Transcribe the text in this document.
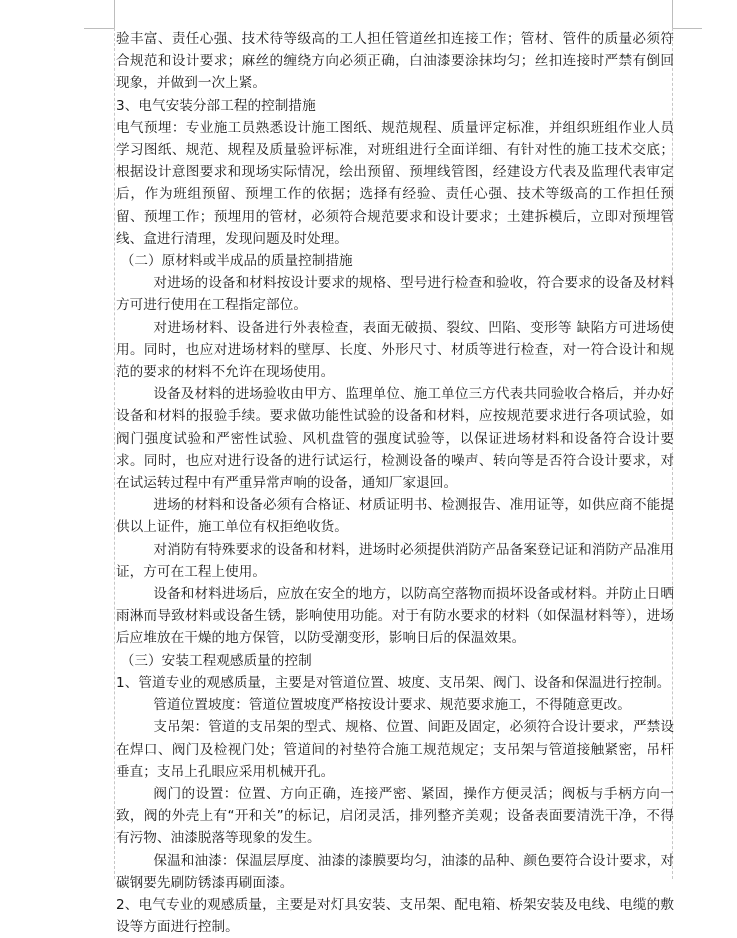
验丰富、责任心强、技术待等级高的工人担任管道丝扣连接工作；管材、管件的质量必须符合规范和设计要求；麻丝的缠绕方向必须正确，白油漆要涂抹均匀；丝扣连接时严禁有倒回现象，并做到一次上紧。

3、电气安装分部工程的控制措施

电气预埋：专业施工员熟悉设计施工图纸、规范规程、质量评定标准，并组织班组作业人员学习图纸、规范、规程及质量验评标准，对班组进行全面详细、有针对性的施工技术交底；根据设计意图要求和现场实际情况，绘出预留、预埋线管图，经建设方代表及监理代表审定后，作为班组预留、预埋工作的依据；选择有经验、责任心强、技术等级高的工作担任预留、预埋工作；预埋用的管材，必须符合规范要求和设计要求；土建拆模后，立即对预埋管线、盒进行清理，发现问题及时处理。

（二）原材料或半成品的质量控制措施

对进场的设备和材料按设计要求的规格、型号进行检查和验收，符合要求的设备及材料方可进行使用在工程指定部位。

对进场材料、设备进行外表检查，表面无破损、裂纹、凹陷、变形等 缺陷方可进场使用。同时，也应对进场材料的壁厚、长度、外形尺寸、材质等进行检查，对一符合设计和规范的要求的材料不允许在现场使用。

设备及材料的进场验收由甲方、监理单位、施工单位三方代表共同验收合格后，并办好设备和材料的报验手续。要求做功能性试验的设备和材料，应按规范要求进行各项试验，如阀门强度试验和严密性试验、风机盘管的强度试验等，以保证进场材料和设备符合设计要求。同时，也应对进行设备的进行试运行，检测设备的噪声、转向等是否符合设计要求，对在试运转过程中有严重异常声响的设备，通知厂家退回。

进场的材料和设备必须有合格证、材质证明书、检测报告、准用证等，如供应商不能提供以上证件，施工单位有权拒绝收货。

对消防有特殊要求的设备和材料，进场时必须提供消防产品备案登记证和消防产品准用证，方可在工程上使用。

设备和材料进场后，应放在安全的地方，以防高空落物而损坏设备或材料。并防止日晒雨淋而导致材料或设备生锈，影响使用功能。对于有防水要求的材料（如保温材料等），进场后应堆放在干燥的地方保管，以防受潮变形，影响日后的保温效果。

（三）安装工程观感质量的控制

1、管道专业的观感质量，主要是对管道位置、坡度、支吊架、阀门、设备和保温进行控制。

管道位置坡度：管道位置坡度严格按设计要求、规范要求施工，不得随意更改。

支吊架：管道的支吊架的型式、规格、位置、间距及固定，必须符合设计要求，严禁设在焊口、阀门及检视门处；管道间的衬垫符合施工规范规定；支吊架与管道接触紧密，吊杆垂直；支吊上孔眼应采用机械开孔。

阀门的设置：位置、方向正确，连接严密、紧固，操作方便灵活；阀板与手柄方向一致，阀的外壳上有“开和关”的标记，启闭灵活，排列整齐美观；设备表面要清洗干净，不得有污物、油漆脱落等现象的发生。

保温和油漆：保温层厚度、油漆的漆膜要均匀，油漆的品种、颜色要符合设计要求，对碳钢要先刷防锈漆再刷面漆。

2、电气专业的观感质量，主要是对灯具安装、支吊架、配电箱、桥架安装及电线、电缆的敷设等方面进行控制。
